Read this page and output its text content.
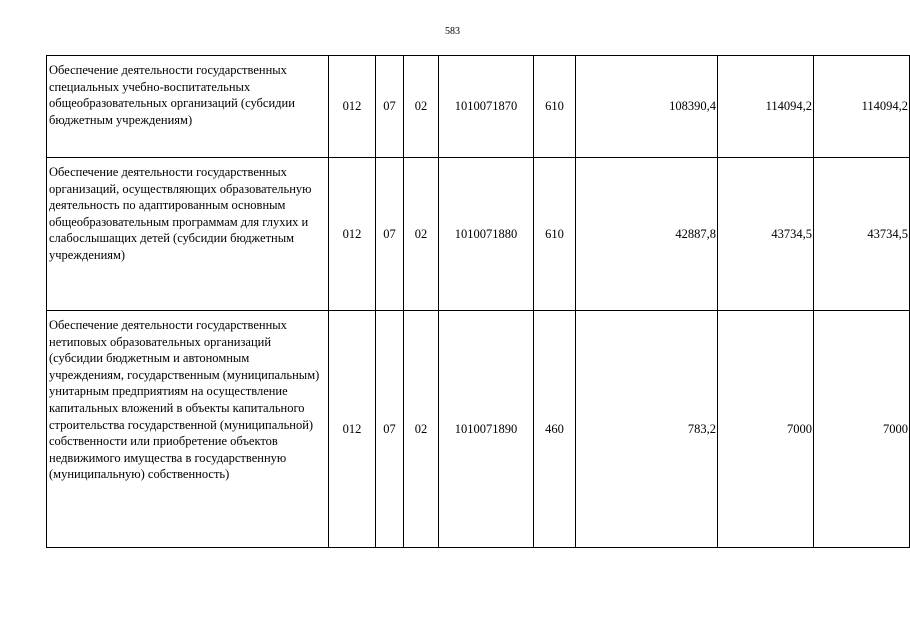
583
Обеспечение деятельности государственных специальных учебно-воспитательных общеобразовательных организаций (субсидии бюджетным учреждениям)	012	07	02	1010071870	610	108390,4	114094,2	114094,2
Обеспечение деятельности государственных организаций, осуществляющих образовательную деятельность по адаптированным основным общеобразовательным программам для глухих и слабослышащих детей (субсидии бюджетным учреждениям)	012	07	02	1010071880	610	42887,8	43734,5	43734,5
Обеспечение деятельности государственных нетиповых образовательных организаций (субсидии бюджетным и автономным учреждениям, государственным (муниципальным) унитарным предприятиям на осуществление капитальных вложений в объекты капитального строительства государственной (муниципальной) собственности или приобретение объектов недвижимого имущества в государственную (муниципальную) собственность)	012	07	02	1010071890	460	783,2	7000	7000
